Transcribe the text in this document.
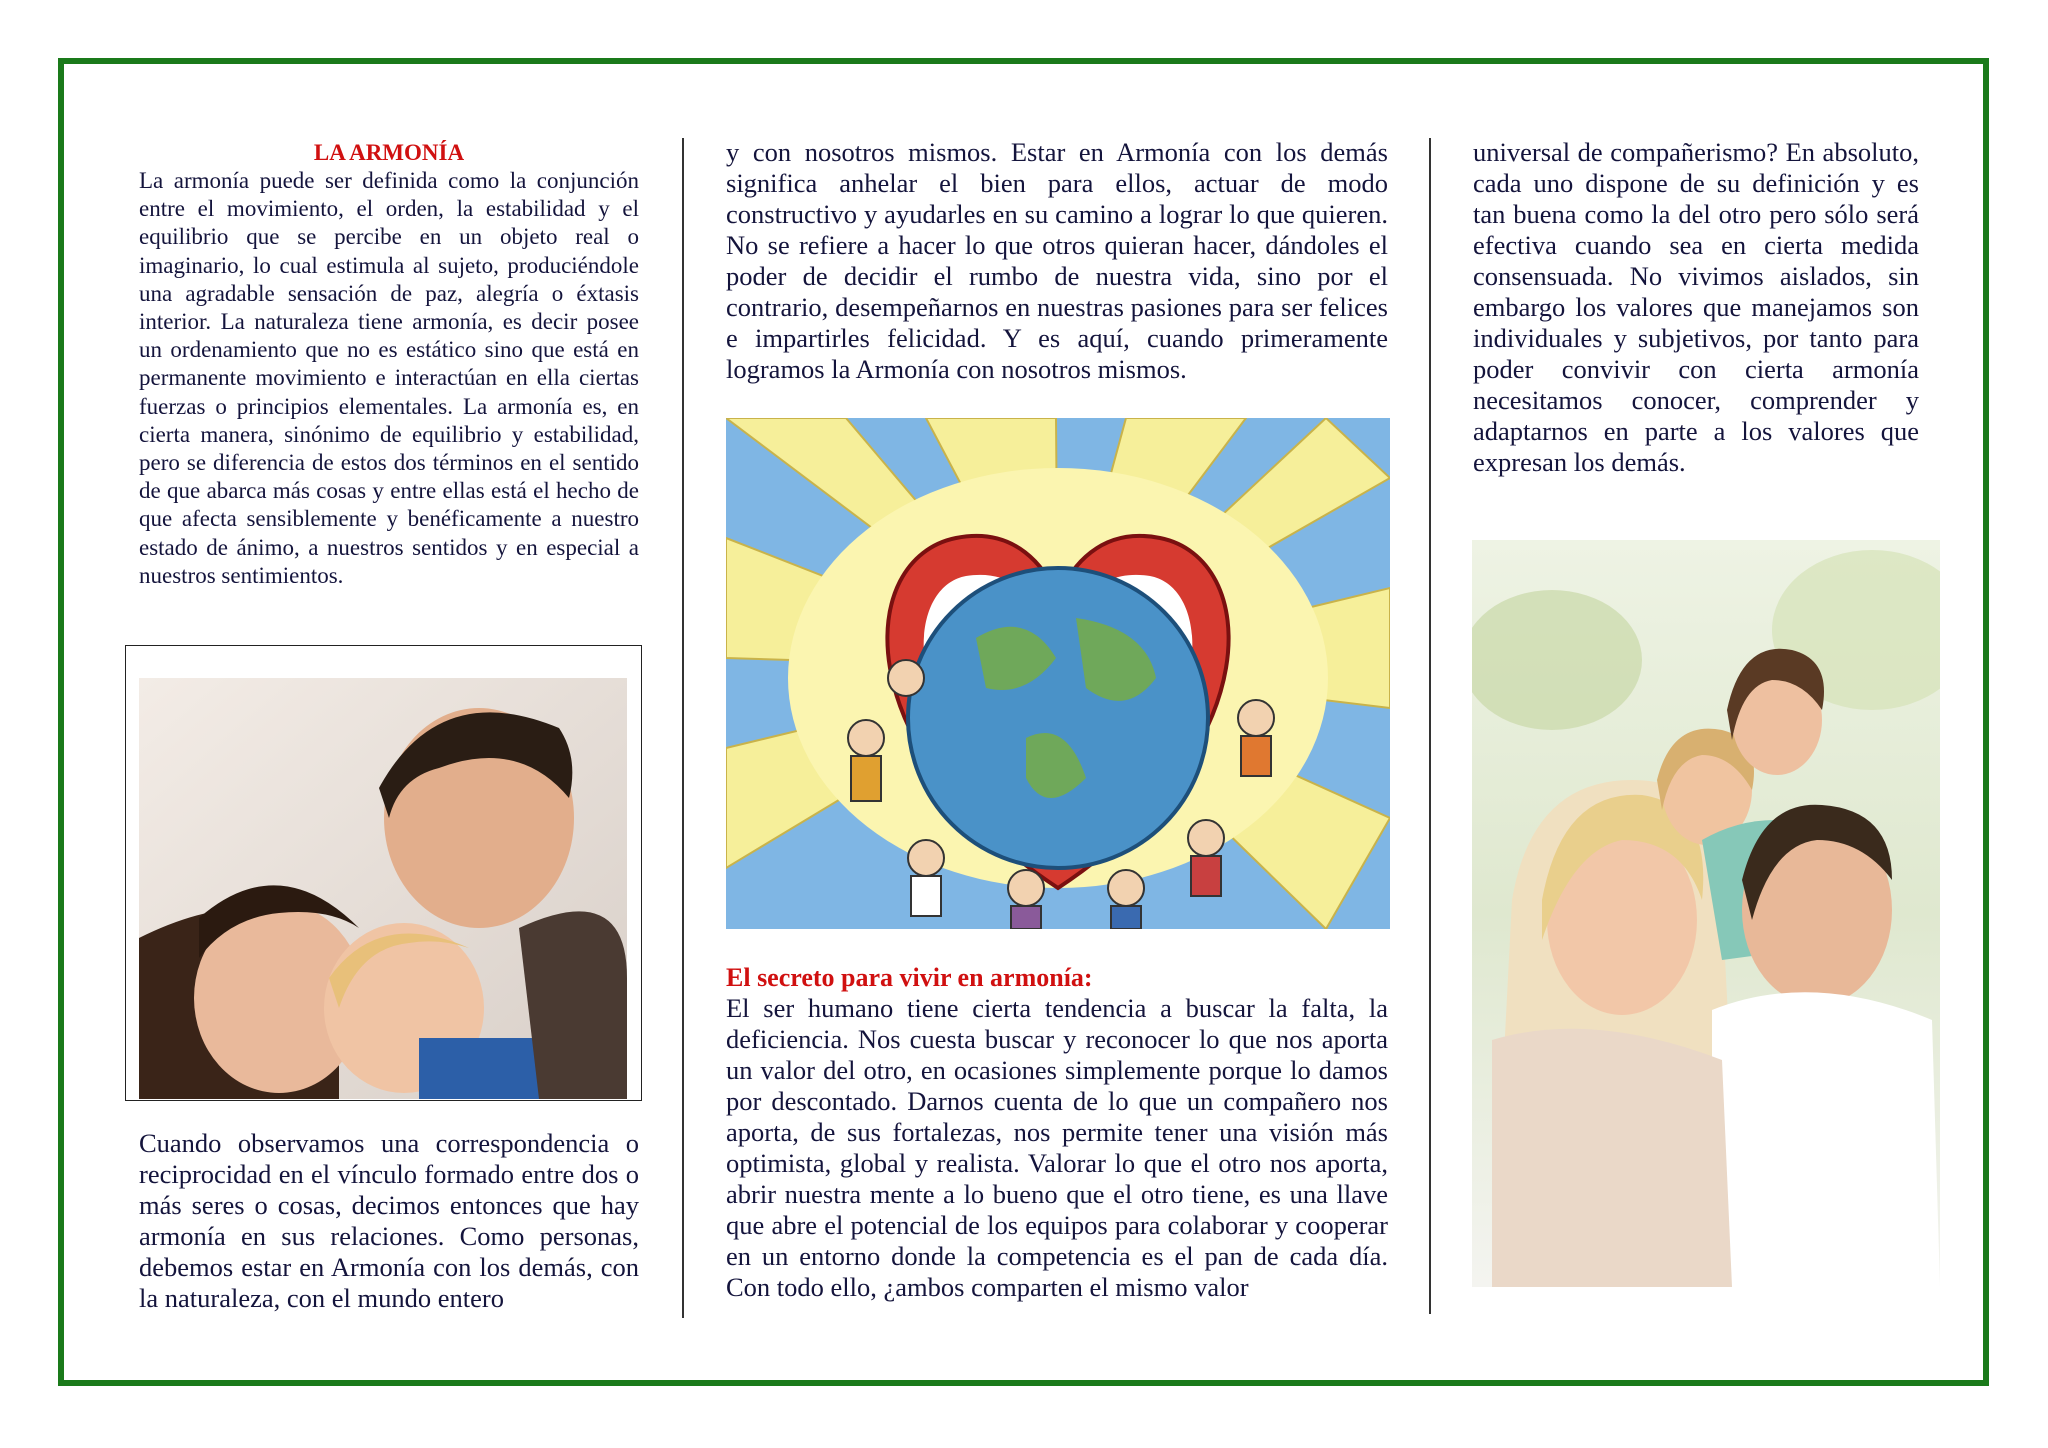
LA ARMONÍA

La armonía puede ser definida como la conjunción entre el movimiento, el orden, la estabilidad y el equilibrio que se percibe en un objeto real o imaginario, lo cual estimula al sujeto, produciéndole una agradable sensación de paz, alegría o éxtasis interior. La naturaleza tiene armonía, es decir posee un ordenamiento que no es estático sino que está en permanente movimiento e interactúan en ella ciertas fuerzas o principios elementales. La armonía es, en cierta manera, sinónimo de equilibrio y estabilidad, pero se diferencia de estos dos términos en el sentido de que abarca más cosas y entre ellas está el hecho de que afecta sensiblemente y benéficamente a nuestro estado de ánimo, a nuestros sentidos y en especial a nuestros sentimientos.

Cuando observamos una correspondencia o reciprocidad en el vínculo formado entre dos o más seres o cosas, decimos entonces que hay armonía en sus relaciones. Como personas, debemos estar en Armonía con los demás, con la naturaleza, con el mundo entero

y con nosotros mismos. Estar en Armonía con los demás significa anhelar el bien para ellos, actuar de modo constructivo y ayudarles en su camino a lograr lo que quieren. No se refiere a hacer lo que otros quieran hacer, dándoles el poder de decidir el rumbo de nuestra vida, sino por el contrario, desempeñarnos en nuestras pasiones para ser felices e impartirles felicidad. Y es aquí, cuando primeramente logramos la Armonía con nosotros mismos.

El secreto para vivir en armonía:

El ser humano tiene cierta tendencia a buscar la falta, la deficiencia. Nos cuesta buscar y reconocer lo que nos aporta un valor del otro, en ocasiones simplemente porque lo damos por descontado. Darnos cuenta de lo que un compañero nos aporta, de sus fortalezas, nos permite tener una visión más optimista, global y realista. Valorar lo que el otro nos aporta, abrir nuestra mente a lo bueno que el otro tiene, es una llave que abre el potencial de los equipos para colaborar y cooperar en un entorno donde la competencia es el pan de cada día. Con todo ello, ¿ambos comparten el mismo valor

universal de compañerismo? En absoluto, cada uno dispone de su definición y es tan buena como la del otro pero sólo será efectiva cuando sea en cierta medida consensuada. No vivimos aislados, sin embargo los valores que manejamos son individuales y subjetivos, por tanto para poder convivir con cierta armonía necesitamos conocer, comprender y adaptarnos en parte a los valores que expresan los demás.
